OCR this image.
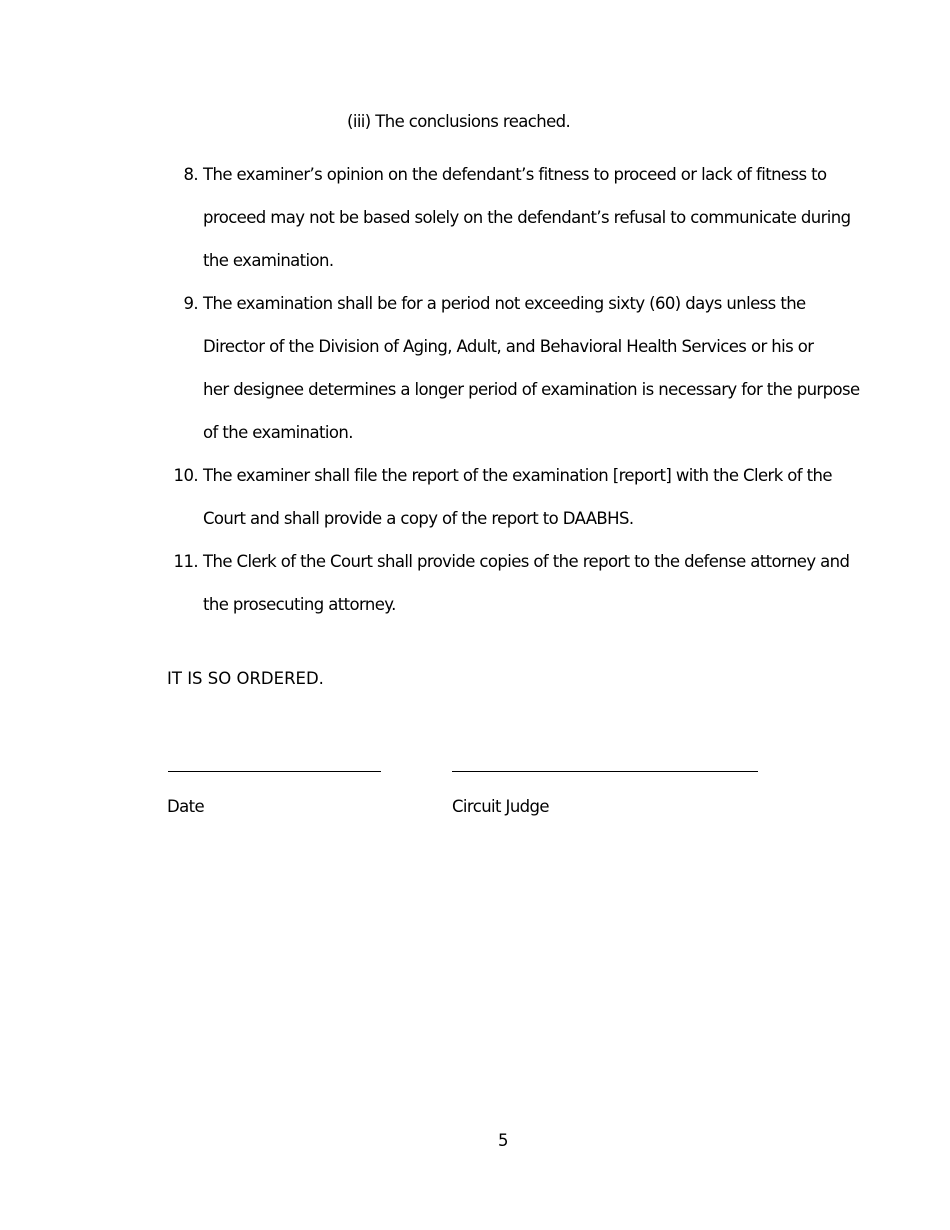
(iii) The conclusions reached.
8. The examiner’s opinion on the defendant’s fitness to proceed or lack of fitness to
proceed may not be based solely on the defendant’s refusal to communicate during
the examination.
9. The examination shall be for a period not exceeding sixty (60) days unless the
Director of the Division of Aging, Adult, and Behavioral Health Services or his or
her designee determines a longer period of examination is necessary for the purpose
of the examination.
10. The examiner shall file the report of the examination [report] with the Clerk of the
Court and shall provide a copy of the report to DAABHS.
11. The Clerk of the Court shall provide copies of the report to the defense attorney and
the prosecuting attorney.
IT IS SO ORDERED.
Date	Circuit Judge
5
